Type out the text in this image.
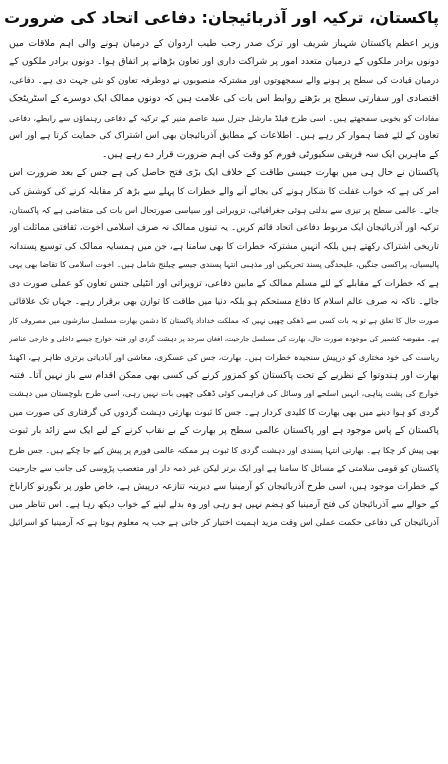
پاکستان، ترکیہ اور آذربائیجان: دفاعی اتحاد کی ضرورت
وزیر اعظم پاکستان شہباز شریف اور ترک صدر رجب طیب اردوان کے درمیان ہونے والی اہم ملاقات میں
دونوں برادر ملکوں کے درمیان متعدد امور پر شراکت داری اور تعاون بڑھانے پر اتفاق ہوا۔ دونوں برادر ملکوں کے
درمیان قیادت کی سطح پر ہونے والے سمجھوتوں اور مشترکہ منصوبوں نے دوطرفہ تعاون کو نئی جہت دی ہے۔ دفاعی،
اقتصادی اور سفارتی سطح پر بڑھتے روابط اس بات کی علامت ہیں کہ دونوں ممالک ایک دوسرے کے اسٹریٹجک
مفادات کو بخوبی سمجھتے ہیں۔ اسی طرح فیلڈ مارشل جنرل سید عاصم منیر کے ترکیہ کے دفاعی رہنماؤں سے رابطے، دفاعی
تعاون کے لئے فضا ہموار کر رہے ہیں۔ اطلاعات کے مطابق آذربائیجان بھی اس اشتراک کی حمایت کرتا ہے اور اس
کے ماہرین ایک سہ فریقی سکیورٹی فورم کو وقت کی اہم ضرورت قرار دے رہے ہیں۔
پاکستان نے حال ہی میں بھارت جیسی طاقت کے خلاف ایک بڑی فتح حاصل کی ہے جس کے بعد ضرورت اس
امر کی ہے کہ خواب غفلت کا شکار ہونے کی بجائے آنے والے خطرات کا پہلے سے بڑھ کر مقابلہ کرنے کی کوشش کی
جائے۔ عالمی سطح پر تیزی سے بدلتی ہوئی جغرافیائی، تزویراتی اور سیاسی صورتحال اس بات کی متقاضی ہے کہ پاکستان،
ترکیہ اور آذربائیجان ایک مربوط دفاعی اتحاد قائم کریں۔ یہ تینوں ممالک نہ صرف اسلامی اخوت، ثقافتی مماثلت اور
تاریخی اشتراک رکھتے ہیں بلکہ انہیں مشترکہ خطرات کا بھی سامنا ہے، جن میں ہمسایہ ممالک کی توسیع پسندانہ
پالیسیاں، پراکسی جنگیں، علیحدگی پسند تحریکیں اور مذہبی انتہا پسندی جیسے چیلنج شامل ہیں۔ اخوت اسلامی کا تقاضا بھی یہی
ہے کہ خطرات کے مقابلے کے لئے مسلم ممالک کے مابین دفاعی، تزویراتی اور انٹیلی جنس تعاون کو عملی صورت دی
جائے۔ تاکہ نہ صرف عالم اسلام کا دفاع مستحکم ہو بلکہ دنیا میں طاقت کا توازن بھی برقرار رہے۔ جہاں تک علاقائی
صورت حال کا تعلق ہے تو یہ بات کسی سے ڈھکی چھپی نہیں کہ مملکت خداداد پاکستان کا دشمن بھارت مسلسل سازشوں میں مصروف کار
ہے۔ مقبوضہ کشمیر کی موجودہ صورت حال، بھارت کی مسلسل جارحیت، افغان سرحد پر دہشت گردی اور فتنہ خوارج جیسے داخلی و خارجی عناصر
ریاست کی خود مختاری کو درپیش سنجیدہ خطرات ہیں۔ بھارت، جس کی عسکری، معاشی اور آبادیاتی برتری ظاہر ہے، اکھنڈ
بھارت اور ہندوتوا کے نظریے کے تحت پاکستان کو کمزور کرنے کی کسی بھی ممکن اقدام سے باز نہیں آتا۔ فتنہ
خوارج کی پشت پناہی، انہیں اسلحے اور وسائل کی فراہمی کوئی ڈھکی چھپی بات نہیں رہی، اسی طرح بلوچستان میں دہشت
گردی کو ہوا دینے میں بھی بھارت کا کلیدی کردار ہے۔ جس کا ثبوت بھارتی دہشت گردوں کی گرفتاری کی صورت میں
پاکستان کے پاس موجود ہے اور پاکستان عالمی سطح پر بھارت کے بے نقاب کرنے کے لیے ایک سے زائد بار ثبوت
بھی پیش کر چکا ہے۔ بھارتی انتہا پسندی اور دہشت گردی کا ثبوت ہر ممکنہ عالمی فورم پر پیش کیے جا چکے ہیں۔ جس طرح
پاکستان کو قومی سلامتی کے مسائل کا سامنا ہے اور ایک برتر لیکن غیر ذمہ دار اور متعصب پڑوسی کی جانب سے جارحیت
کے خطرات موجود ہیں، اسی طرح آذربائیجان کو آرمینیا سے دیرینہ تنازعہ درپیش ہے، خاص طور پر نگورنو کاراباخ
کے حوالے سے آذربائیجان کی فتح آرمینیا کو ہضم نہیں ہو رہی اور وہ بدلے لینے کے خواب دیکھ رہا ہے۔ اس تناظر میں
آذربائیجان کی دفاعی حکمت عملی اس وقت مزید اہمیت اختیار کر جاتی ہے جب یہ معلوم ہوتا ہے کہ آرمینیا کو اسرائیل
